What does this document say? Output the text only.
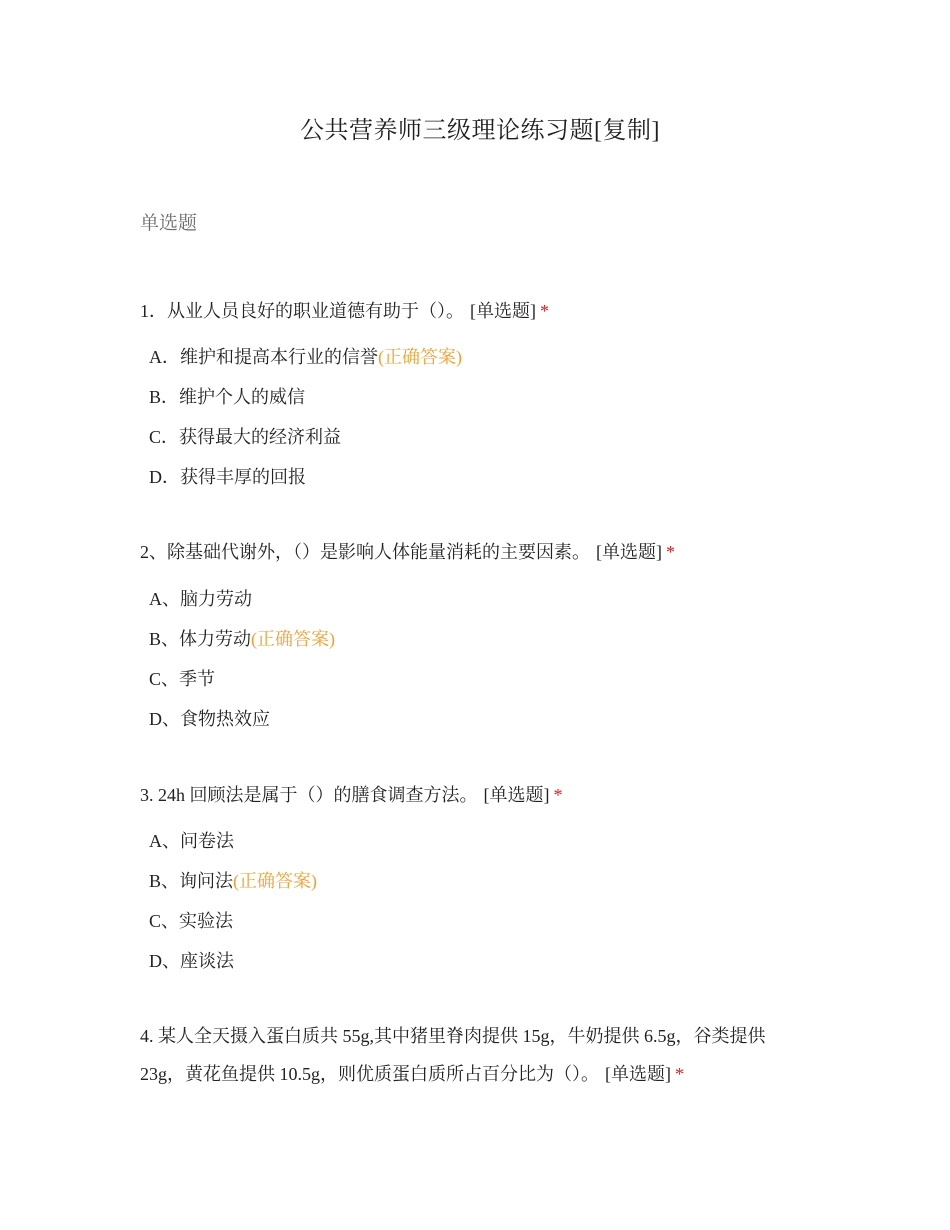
公共营养师三级理论练习题[复制]
单选题
1．从业人员良好的职业道德有助于（）。 [单选题] *
A．维护和提高本行业的信誉(正确答案)
B．维护个人的威信
C．获得最大的经济利益
D．获得丰厚的回报
2、除基础代谢外，（）是影响人体能量消耗的主要因素。 [单选题] *
A、脑力劳动
B、体力劳动(正确答案)
C、季节
D、食物热效应
3. 24h 回顾法是属于（）的膳食调查方法。 [单选题] *
A、问卷法
B、询问法(正确答案)
C、实验法
D、座谈法
4. 某人全天摄入蛋白质共 55g,其中猪里脊肉提供 15g，牛奶提供 6.5g，谷类提供 23g，黄花鱼提供 10.5g，则优质蛋白质所占百分比为（）。 [单选题] *
